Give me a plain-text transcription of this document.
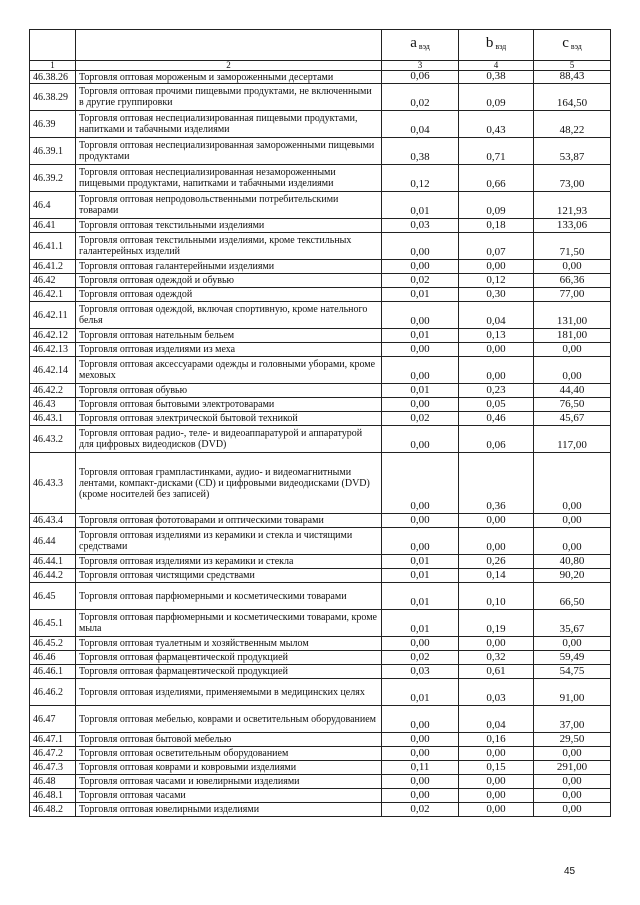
		a $_{вэд}$	b $_{вэд}$	c $_{вэд}$
1	2	3	4	5
46.38.26	Торговля оптовая мороженым и замороженными десертами	0,06	0,38	88,43
46.38.29	Торговля оптовая прочими пищевыми продуктами, не включенными в другие группировки	0,02	0,09	164,50
46.39	Торговля оптовая неспециализированная пищевыми продуктами, напитками и табачными изделиями	0,04	0,43	48,22
46.39.1	Торговля оптовая неспециализированная замороженными пищевыми продуктами	0,38	0,71	53,87
46.39.2	Торговля оптовая неспециализированная незамороженными пищевыми продуктами, напитками и табачными изделиями	0,12	0,66	73,00
46.4	Торговля оптовая непродовольственными потребительскими товарами	0,01	0,09	121,93
46.41	Торговля оптовая текстильными изделиями	0,03	0,18	133,06
46.41.1	Торговля оптовая текстильными изделиями, кроме текстильных галантерейных изделий	0,00	0,07	71,50
46.41.2	Торговля оптовая галантерейными изделиями	0,00	0,00	0,00
46.42	Торговля оптовая одеждой и обувью	0,02	0,12	66,36
46.42.1	Торговля оптовая одеждой	0,01	0,30	77,00
46.42.11	Торговля оптовая одеждой, включая спортивную, кроме нательного белья	0,00	0,04	131,00
46.42.12	Торговля оптовая нательным бельем	0,01	0,13	181,00
46.42.13	Торговля оптовая изделиями из меха	0,00	0,00	0,00
46.42.14	Торговля оптовая аксессуарами одежды и головными уборами, кроме меховых	0,00	0,00	0,00
46.42.2	Торговля оптовая обувью	0,01	0,23	44,40
46.43	Торговля оптовая бытовыми электротоварами	0,00	0,05	76,50
46.43.1	Торговля оптовая электрической бытовой техникой	0,02	0,46	45,67
46.43.2	Торговля оптовая радио-, теле- и видеоаппаратурой и аппаратурой для цифровых видеодисков (DVD)	0,00	0,06	117,00
46.43.3	Торговля оптовая грампластинками, аудио- и видеомагнитными лентами, компакт-дисками (CD) и цифровыми видеодисками (DVD) (кроме носителей без записей)	0,00	0,36	0,00
46.43.4	Торговля оптовая фототоварами и оптическими товарами	0,00	0,00	0,00
46.44	Торговля оптовая изделиями из керамики и стекла и чистящими средствами	0,00	0,00	0,00
46.44.1	Торговля оптовая изделиями из керамики и стекла	0,01	0,26	40,80
46.44.2	Торговля оптовая чистящими средствами	0,01	0,14	90,20
46.45	Торговля оптовая парфюмерными и косметическими товарами	0,01	0,10	66,50
46.45.1	Торговля оптовая парфюмерными и косметическими товарами, кроме мыла	0,01	0,19	35,67
46.45.2	Торговля оптовая туалетным и хозяйственным мылом	0,00	0,00	0,00
46.46	Торговля оптовая фармацевтической продукцией	0,02	0,32	59,49
46.46.1	Торговля оптовая фармацевтической продукцией	0,03	0,61	54,75
46.46.2	Торговля оптовая изделиями, применяемыми в медицинских целях	0,01	0,03	91,00
46.47	Торговля оптовая мебелью, коврами и осветительным оборудованием	0,00	0,04	37,00
46.47.1	Торговля оптовая бытовой мебелью	0,00	0,16	29,50
46.47.2	Торговля оптовая осветительным оборудованием	0,00	0,00	0,00
46.47.3	Торговля оптовая коврами и ковровыми изделиями	0,11	0,15	291,00
46.48	Торговля оптовая часами и ювелирными изделиями	0,00	0,00	0,00
46.48.1	Торговля оптовая часами	0,00	0,00	0,00
46.48.2	Торговля оптовая ювелирными изделиями	0,02	0,00	0,00
45
